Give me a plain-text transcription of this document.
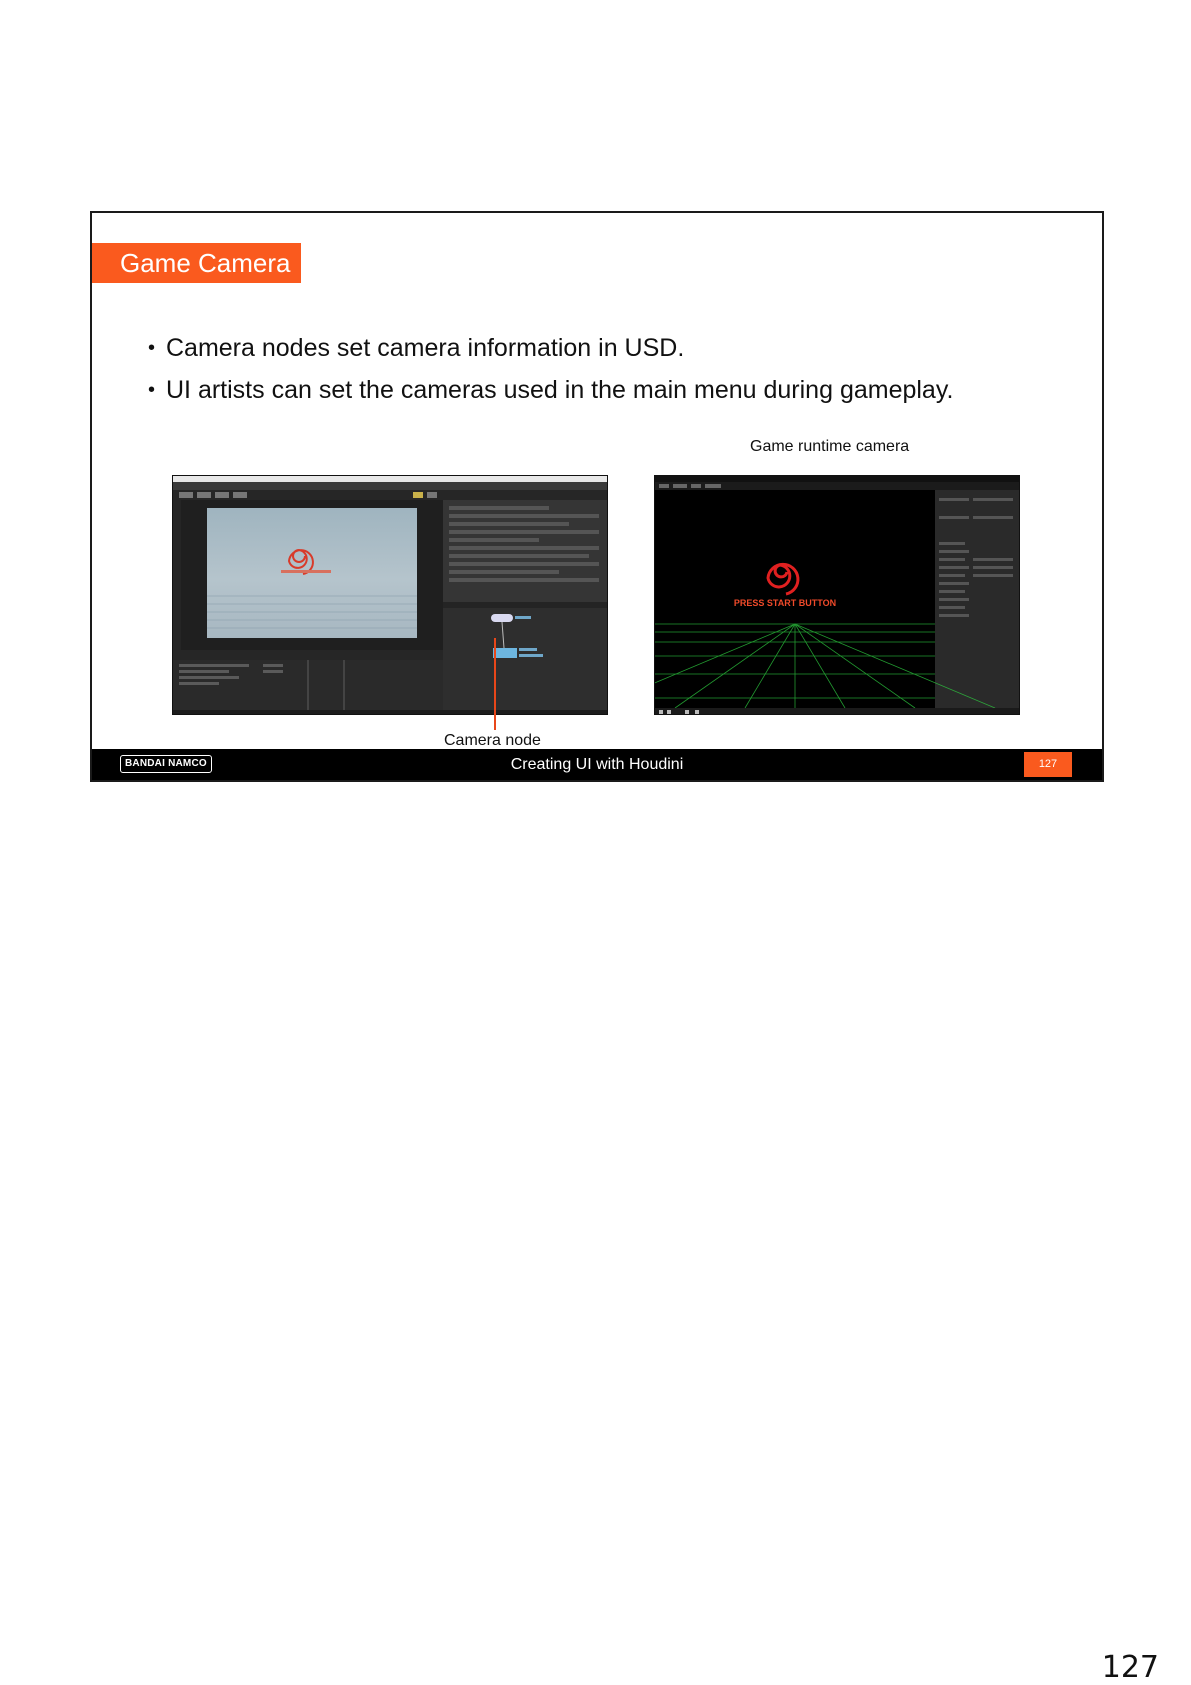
Game Camera
• Camera nodes set camera information in USD.
• UI artists can set the cameras used in the main menu during gameplay.
Game runtime camera
Camera node
PRESS START BUTTON
BANDAI NAMCO	Creating UI with Houdini	127
127
